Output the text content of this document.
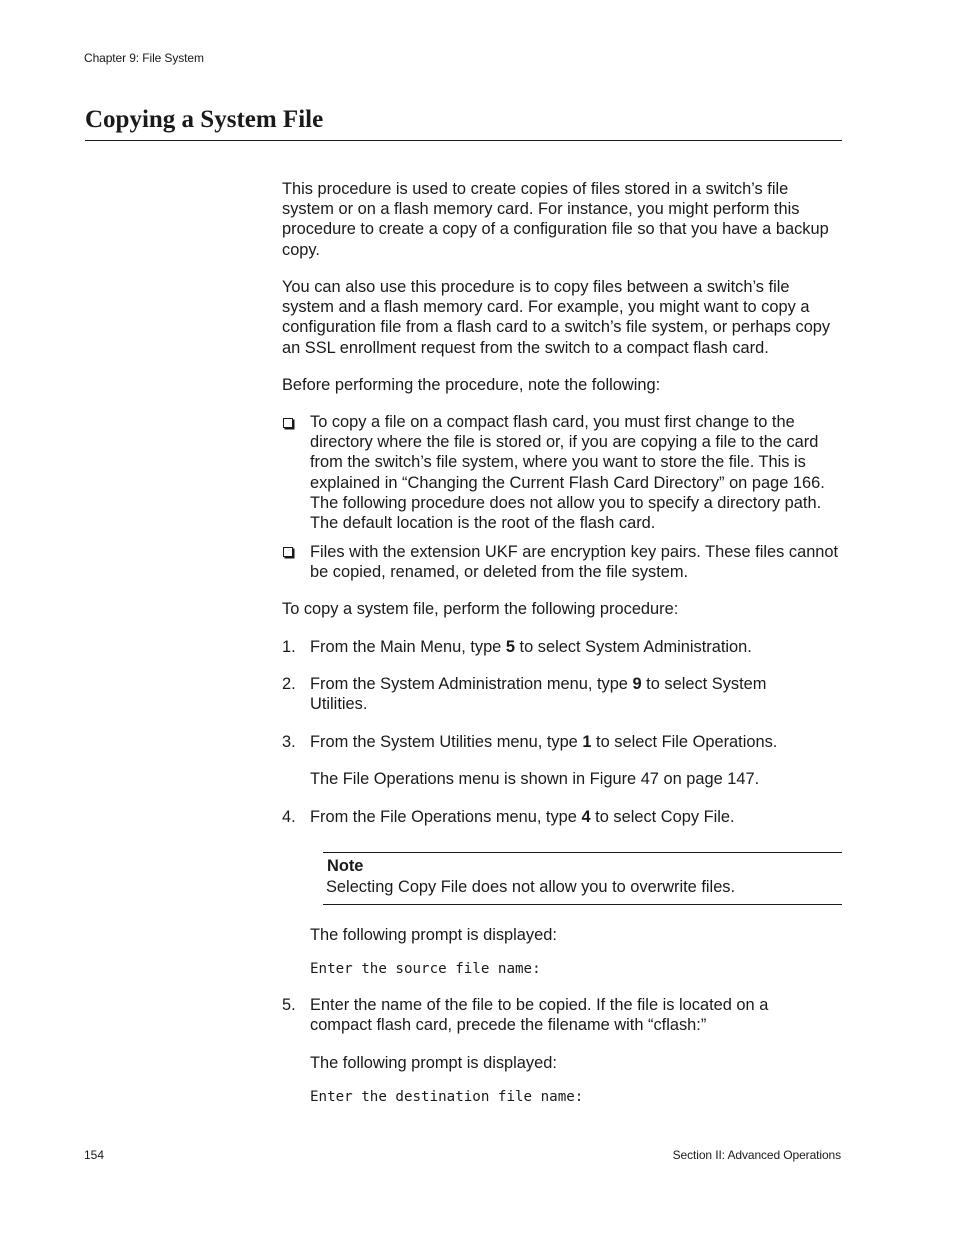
Chapter 9: File System
Copying a System File
This procedure is used to create copies of files stored in a switch’s file system or on a flash memory card. For instance, you might perform this procedure to create a copy of a configuration file so that you have a backup copy.
You can also use this procedure is to copy files between a switch’s file system and a flash memory card. For example, you might want to copy a configuration file from a flash card to a switch’s file system, or perhaps copy an SSL enrollment request from the switch to a compact flash card.
Before performing the procedure, note the following:
To copy a file on a compact flash card, you must first change to the directory where the file is stored or, if you are copying a file to the card from the switch’s file system, where you want to store the file. This is explained in “Changing the Current Flash Card Directory” on page 166. The following procedure does not allow you to specify a directory path. The default location is the root of the flash card.
Files with the extension UKF are encryption key pairs. These files cannot be copied, renamed, or deleted from the file system.
To copy a system file, perform the following procedure:
1. From the Main Menu, type 5 to select System Administration.
2. From the System Administration menu, type 9 to select System Utilities.
3. From the System Utilities menu, type 1 to select File Operations.
The File Operations menu is shown in Figure 47 on page 147.
4. From the File Operations menu, type 4 to select Copy File.
Note
Selecting Copy File does not allow you to overwrite files.
The following prompt is displayed:
Enter the source file name:
5. Enter the name of the file to be copied. If the file is located on a compact flash card, precede the filename with “cflash:”
The following prompt is displayed:
Enter the destination file name:
154	Section II: Advanced Operations
